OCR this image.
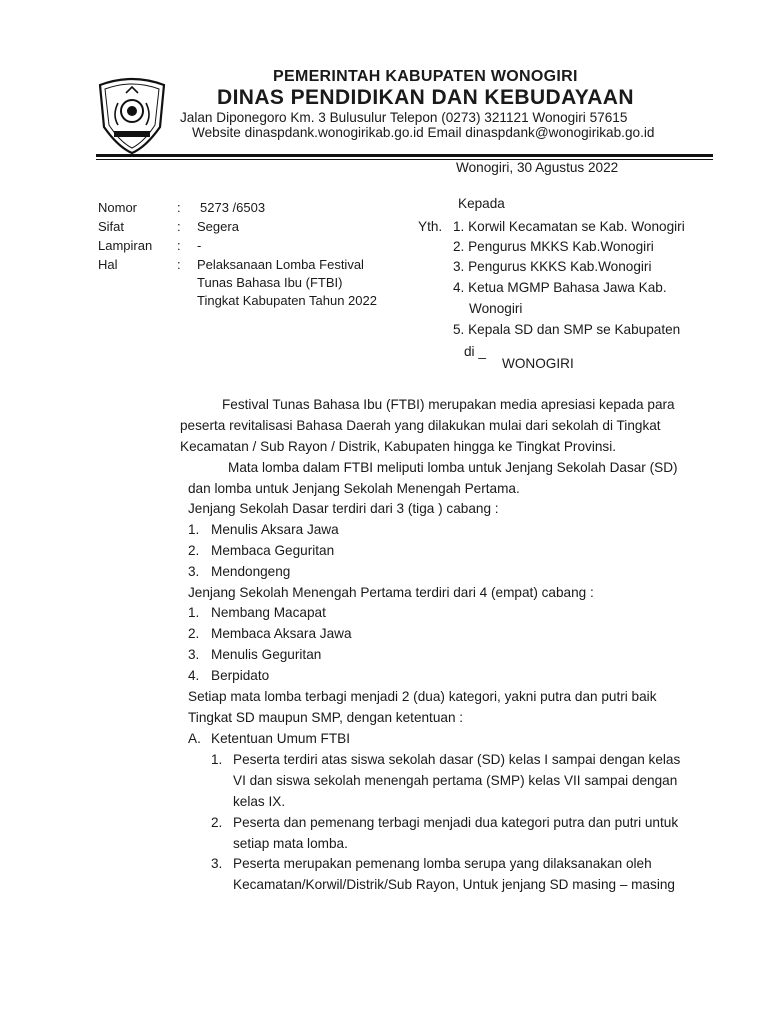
PEMERINTAH KABUPATEN WONOGIRI
DINAS PENDIDIKAN DAN KEBUDAYAAN
Jalan Diponegoro Km. 3 Bulusulur Telepon (0273) 321121 Wonogiri 57615
Website dinaspdank.wonogirikab.go.id Email dinaspdank@wonogirikab.go.id
Wonogiri, 30 Agustus 2022
Nomor	: 5273 /6503
Sifat	: Segera
Lampiran : -
Hal	: Pelaksanaan Lomba Festival
Tunas Bahasa Ibu (FTBI)
Tingkat Kabupaten Tahun 2022
Kepada
Yth. 1. Korwil Kecamatan se Kab. Wonogiri
2. Pengurus MKKS Kab.Wonogiri
3. Pengurus KKKS Kab.Wonogiri
4. Ketua MGMP Bahasa Jawa Kab.
Wonogiri
5. Kepala SD dan SMP se Kabupaten
di _
WONOGIRI
Festival Tunas Bahasa Ibu (FTBI) merupakan media apresiasi kepada para
peserta revitalisasi Bahasa Daerah yang dilakukan mulai dari sekolah di Tingkat
Kecamatan / Sub Rayon / Distrik, Kabupaten hingga ke Tingkat Provinsi.
Mata lomba dalam FTBI meliputi lomba untuk Jenjang Sekolah Dasar (SD)
dan lomba untuk Jenjang Sekolah Menengah Pertama.
Jenjang Sekolah Dasar terdiri dari 3 (tiga ) cabang :
1. Menulis Aksara Jawa
2. Membaca Geguritan
3. Mendongeng
Jenjang Sekolah Menengah Pertama terdiri dari 4 (empat) cabang :
1. Nembang Macapat
2. Membaca Aksara Jawa
3. Menulis Geguritan
4. Berpidato
Setiap mata lomba terbagi menjadi 2 (dua) kategori, yakni putra dan putri baik
Tingkat SD maupun SMP, dengan ketentuan :
A. Ketentuan Umum FTBI
1. Peserta terdiri atas siswa sekolah dasar (SD) kelas I sampai dengan kelas
VI dan siswa sekolah menengah pertama (SMP) kelas VII sampai dengan
kelas IX.
2. Peserta dan pemenang terbagi menjadi dua kategori putra dan putri untuk
setiap mata lomba.
3. Peserta merupakan pemenang lomba serupa yang dilaksanakan oleh
Kecamatan/Korwil/Distrik/Sub Rayon, Untuk jenjang SD masing – masing
